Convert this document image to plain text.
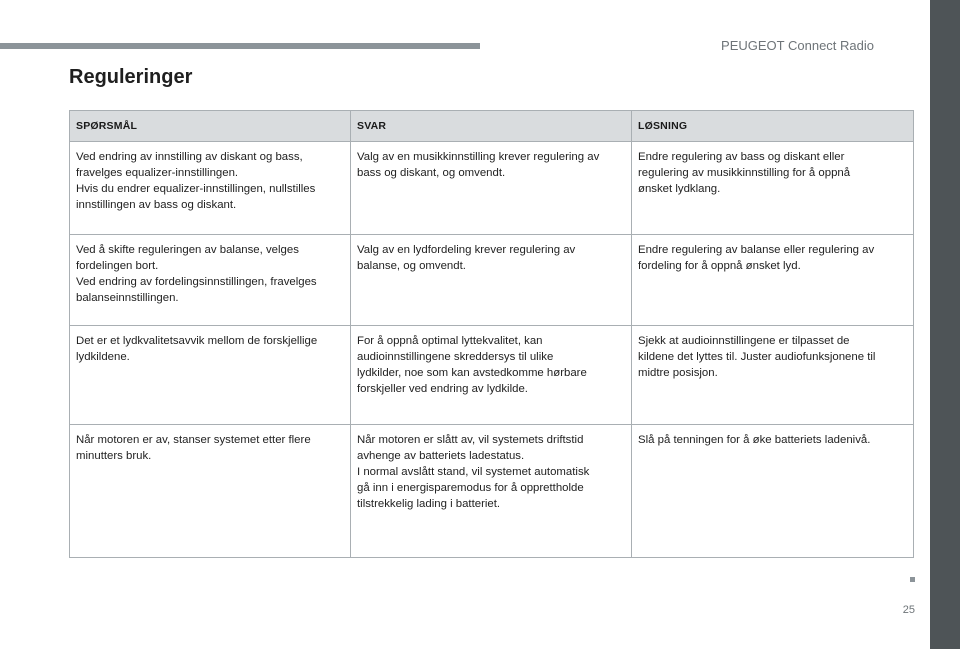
PEUGEOT Connect Radio
Reguleringer
SPØRSMÅL	SVAR	LØSNING

Ved endring av innstilling av diskant og bass,
fravelges equalizer-innstillingen.
Hvis du endrer equalizer-innstillingen, nullstilles
innstillingen av bass og diskant.	Valg av en musikkinnstilling krever regulering av
bass og diskant, og omvendt.	Endre regulering av bass og diskant eller
regulering av musikkinnstilling for å oppnå
ønsket lydklang.

Ved å skifte reguleringen av balanse, velges
fordelingen bort.
Ved endring av fordelingsinnstillingen, fravelges
balanseinnstillingen.	Valg av en lydfordeling krever regulering av
balanse, og omvendt.	Endre regulering av balanse eller regulering av
fordeling for å oppnå ønsket lyd.

Det er et lydkvalitetsavvik mellom de forskjellige
lydkildene.	For å oppnå optimal lyttekvalitet, kan
audioinnstillingene skreddersys til ulike
lydkilder, noe som kan avstedkomme hørbare
forskjeller ved endring av lydkilde.	Sjekk at audioinnstillingene er tilpasset de
kildene det lyttes til. Juster audiofunksjonene til
midtre posisjon.

Når motoren er av, stanser systemet etter flere
minutters bruk.	Når motoren er slått av, vil systemets driftstid
avhenge av batteriets ladestatus.
I normal avslått stand, vil systemet automatisk
gå inn i energisparemodus for å opprettholde
tilstrekkelig lading i batteriet.	Slå på tenningen for å øke batteriets ladenivå.
25
